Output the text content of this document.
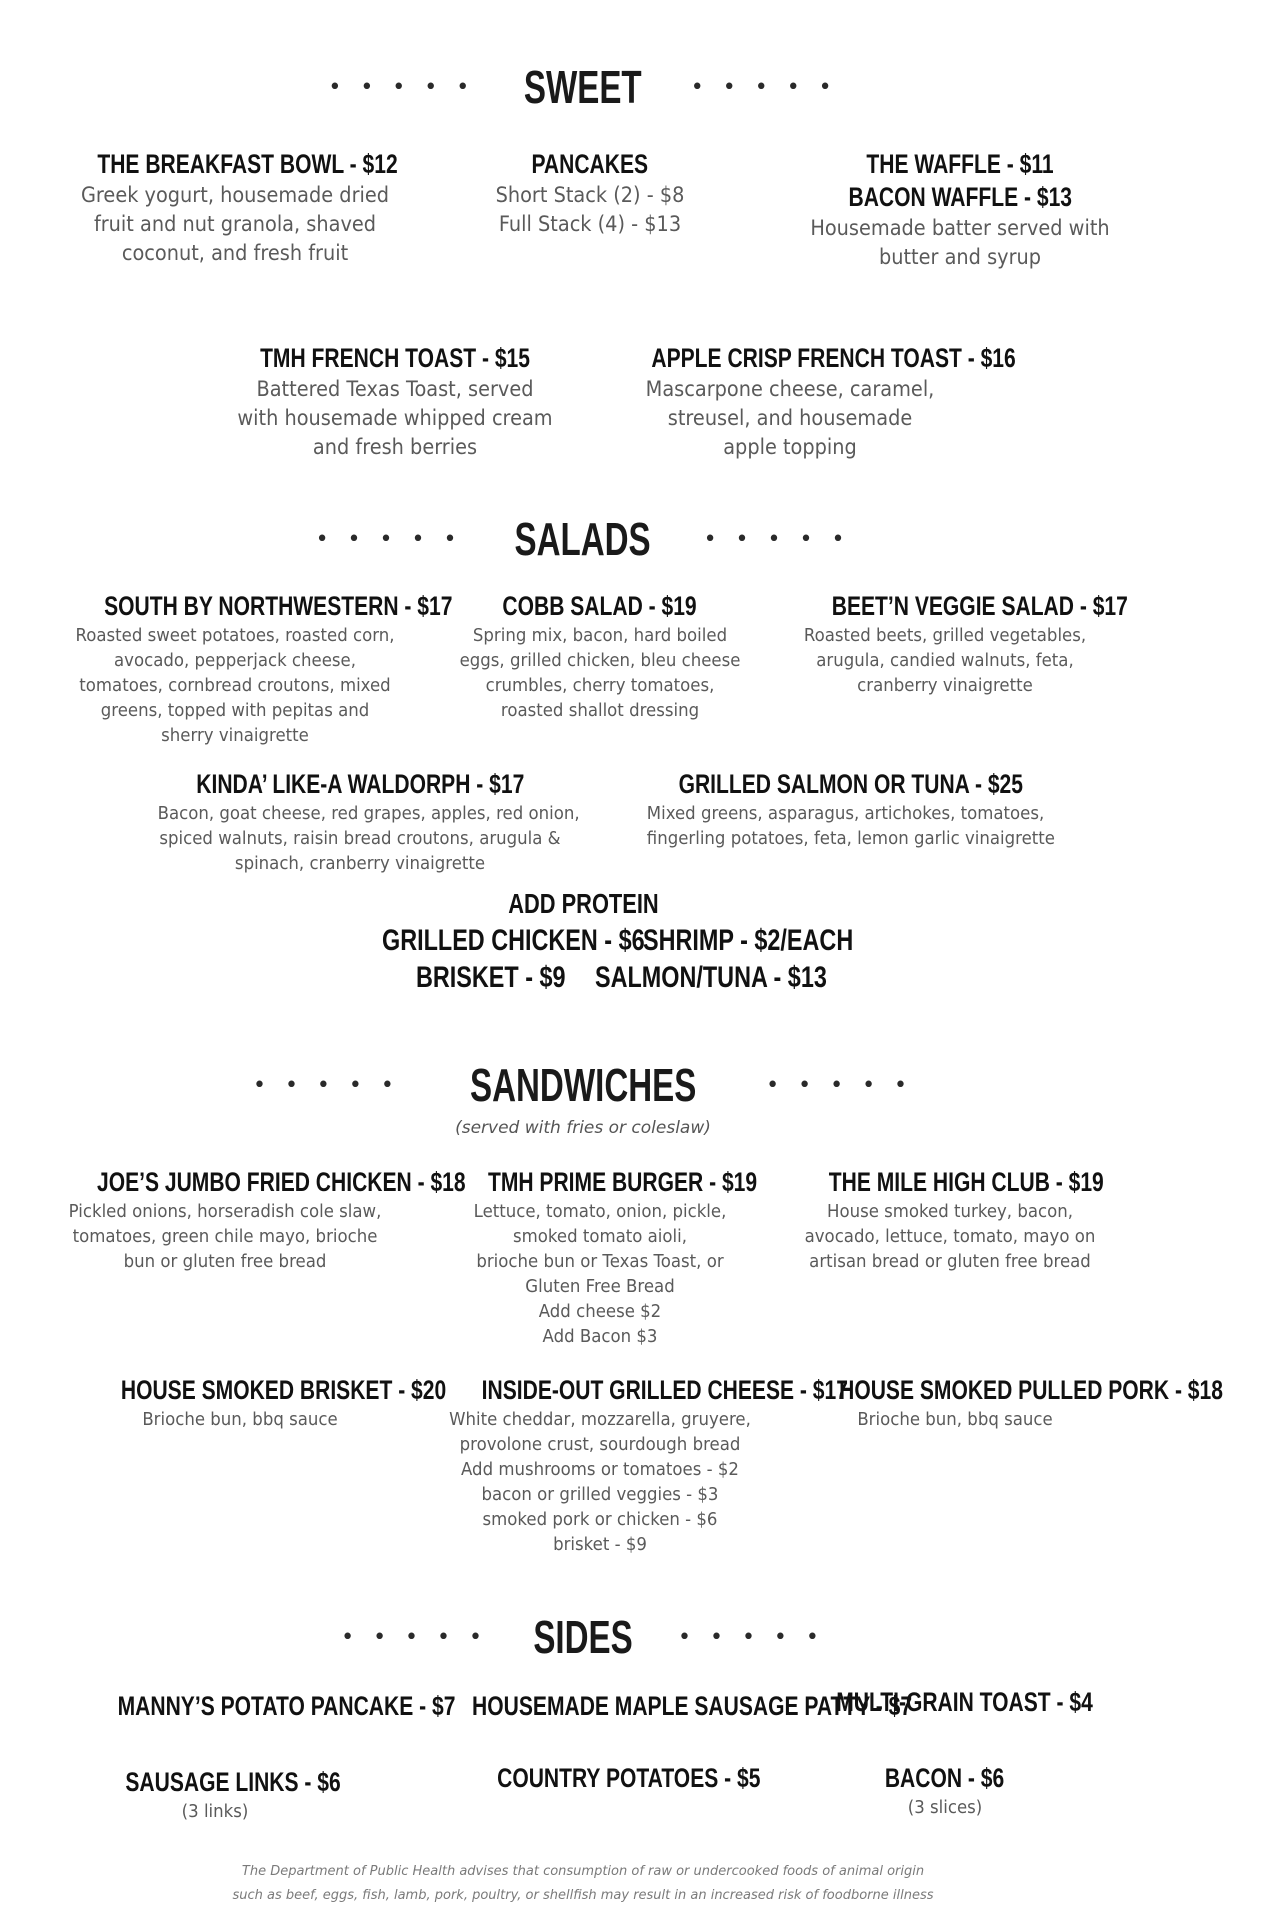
• • • • • SWEET • • • • •
THE BREAKFAST BOWL - $12
Greek yogurt, housemade dried
fruit and nut granola, shaved
coconut, and fresh fruit
PANCAKES
Short Stack (2) - $8
Full Stack (4) - $13
THE WAFFLE - $11
BACON WAFFLE - $13
Housemade batter served with
butter and syrup
TMH FRENCH TOAST - $15
Battered Texas Toast, served
with housemade whipped cream
and fresh berries
APPLE CRISP FRENCH TOAST - $16
Mascarpone cheese, caramel,
streusel, and housemade
apple topping
• • • • • SALADS • • • • •
SOUTH BY NORTHWESTERN - $17
Roasted sweet potatoes, roasted corn,
avocado, pepperjack cheese,
tomatoes, cornbread croutons, mixed
greens, topped with pepitas and
sherry vinaigrette
COBB SALAD - $19
Spring mix, bacon, hard boiled
eggs, grilled chicken, bleu cheese
crumbles, cherry tomatoes,
roasted shallot dressing
BEET’N VEGGIE SALAD - $17
Roasted beets, grilled vegetables,
arugula, candied walnuts, feta,
cranberry vinaigrette
KINDA’ LIKE-A WALDORPH - $17
Bacon, goat cheese, red grapes, apples, red onion,
spiced walnuts, raisin bread croutons, arugula &
spinach, cranberry vinaigrette
GRILLED SALMON OR TUNA - $25
Mixed greens, asparagus, artichokes, tomatoes,
fingerling potatoes, feta, lemon garlic vinaigrette
ADD PROTEIN
GRILLED CHICKEN - $6
SHRIMP - $2/EACH
BRISKET - $9 SALMON/TUNA - $13
• • • • • SANDWICHES	• • • • •
(served with fries or coleslaw)
JOE’S JUMBO FRIED CHICKEN - $18
Pickled onions, horseradish cole slaw,
tomatoes, green chile mayo, brioche
bun or gluten free bread
TMH PRIME BURGER - $19
Lettuce, tomato, onion, pickle,
smoked tomato aioli,
brioche bun or Texas Toast, or
Gluten Free Bread
Add cheese $2
Add Bacon $3
THE MILE HIGH CLUB - $19
House smoked turkey, bacon,
avocado, lettuce, tomato, mayo on
artisan bread or gluten free bread
HOUSE SMOKED BRISKET - $20
Brioche bun, bbq sauce
INSIDE-OUT GRILLED CHEESE - $17
White cheddar, mozzarella, gruyere,
provolone crust, sourdough bread
Add mushrooms or tomatoes - $2
bacon or grilled veggies - $3
smoked pork or chicken - $6
brisket - $9
HOUSE SMOKED PULLED PORK - $18
Brioche bun, bbq sauce
• • • • • SIDES • • • • •
MANNY’S POTATO PANCAKE - $7 HOUSEMADE MAPLE SAUSAGE PATTY - $7
MULTI-GRAIN TOAST - $4
SAUSAGE LINKS - $6
(3 links)
COUNTRY POTATOES - $5	BACON - $6
(3 slices)
The Department of Public Health advises that consumption of raw or undercooked foods of animal origin
such as beef, eggs, fish, lamb, pork, poultry, or shellfish may result in an increased risk of foodborne illness
